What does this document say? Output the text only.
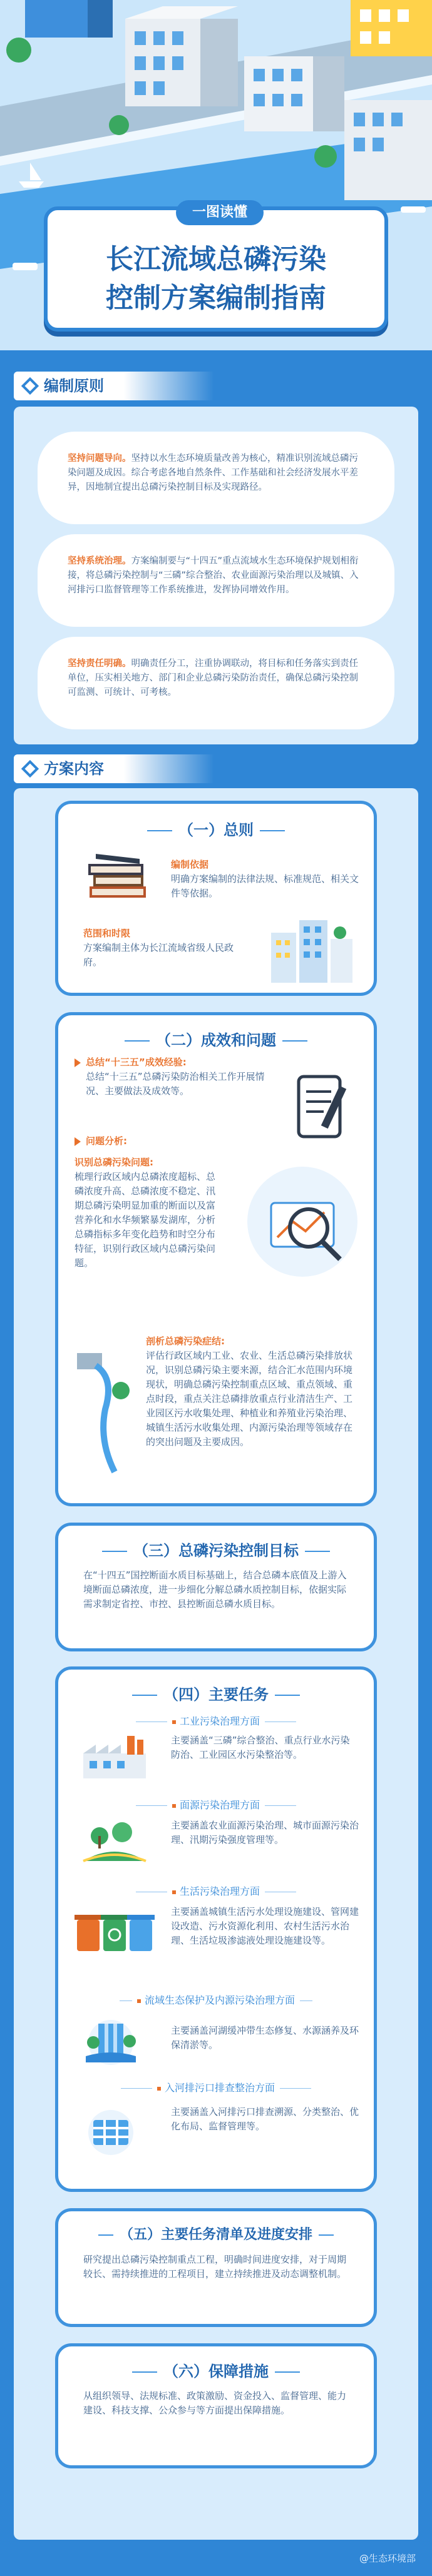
一图读懂
长江流域总磷污染
控制方案编制指南
编制原则
坚持问题导向。坚持以水生态环境质量改善为核心，精准识别流域总磷污染问题及成因。综合考虑各地自然条件、工作基础和社会经济发展水平差异，因地制宜提出总磷污染控制目标及实现路径。
坚持系统治理。方案编制要与“十四五”重点流域水生态环境保护规划相衔接，将总磷污染控制与“三磷”综合整治、农业面源污染治理以及城镇、入河排污口监督管理等工作系统推进，发挥协同增效作用。
坚持责任明确。明确责任分工，注重协调联动，将目标和任务落实到责任单位，压实相关地方、部门和企业总磷污染防治责任，确保总磷污染控制可监测、可统计、可考核。
方案内容
（一）总则
编制依据
明确方案编制的法律法规、标准规范、相关文件等依据。
范围和时限
方案编制主体为长江流域省级人民政府。
（二）成效和问题
总结“十三五”成效经验:
总结“十三五”总磷污染防治相关工作开展情况、主要做法及成效等。
问题分析:
识别总磷污染问题:
梳理行政区域内总磷浓度超标、总磷浓度升高、总磷浓度不稳定、汛期总磷污染明显加重的断面以及富营养化和水华频繁暴发湖库，分析总磷指标多年变化趋势和时空分布特征，识别行政区域内总磷污染问题。
剖析总磷污染症结:
评估行政区域内工业、农业、生活总磷污染排放状况，识别总磷污染主要来源，结合汇水范围内环境现状，明确总磷污染控制重点区域、重点领域、重点时段，重点关注总磷排放重点行业清洁生产、工业园区污水收集处理、种植业和养殖业污染治理、城镇生活污水收集处理、内源污染治理等领域存在的突出问题及主要成因。
（三）总磷污染控制目标
在“十四五”国控断面水质目标基础上，结合总磷本底值及上游入境断面总磷浓度，进一步细化分解总磷水质控制目标，依据实际需求制定省控、市控、县控断面总磷水质目标。
（四）主要任务
工业污染治理方面
主要涵盖“三磷”综合整治、重点行业水污染防治、工业园区水污染整治等。
面源污染治理方面
主要涵盖农业面源污染治理、城市面源污染治理、汛期污染强度管理等。
生活污染治理方面
主要涵盖城镇生活污水处理设施建设、管网建设改造、污水资源化利用、农村生活污水治理、生活垃圾渗滤液处理设施建设等。
流域生态保护及内源污染治理方面
主要涵盖河湖缓冲带生态修复、水源涵养及环保清淤等。
入河排污口排查整治方面
主要涵盖入河排污口排查溯源、分类整治、优化布局、监督管理等。
（五）主要任务清单及进度安排
研究提出总磷污染控制重点工程，明确时间进度安排，对于周期较长、需持续推进的工程项目，建立持续推进及动态调整机制。
（六）保障措施
从组织领导、法规标准、政策激励、资金投入、监督管理、能力建设、科技支撑、公众参与等方面提出保障措施。
@生态环境部
